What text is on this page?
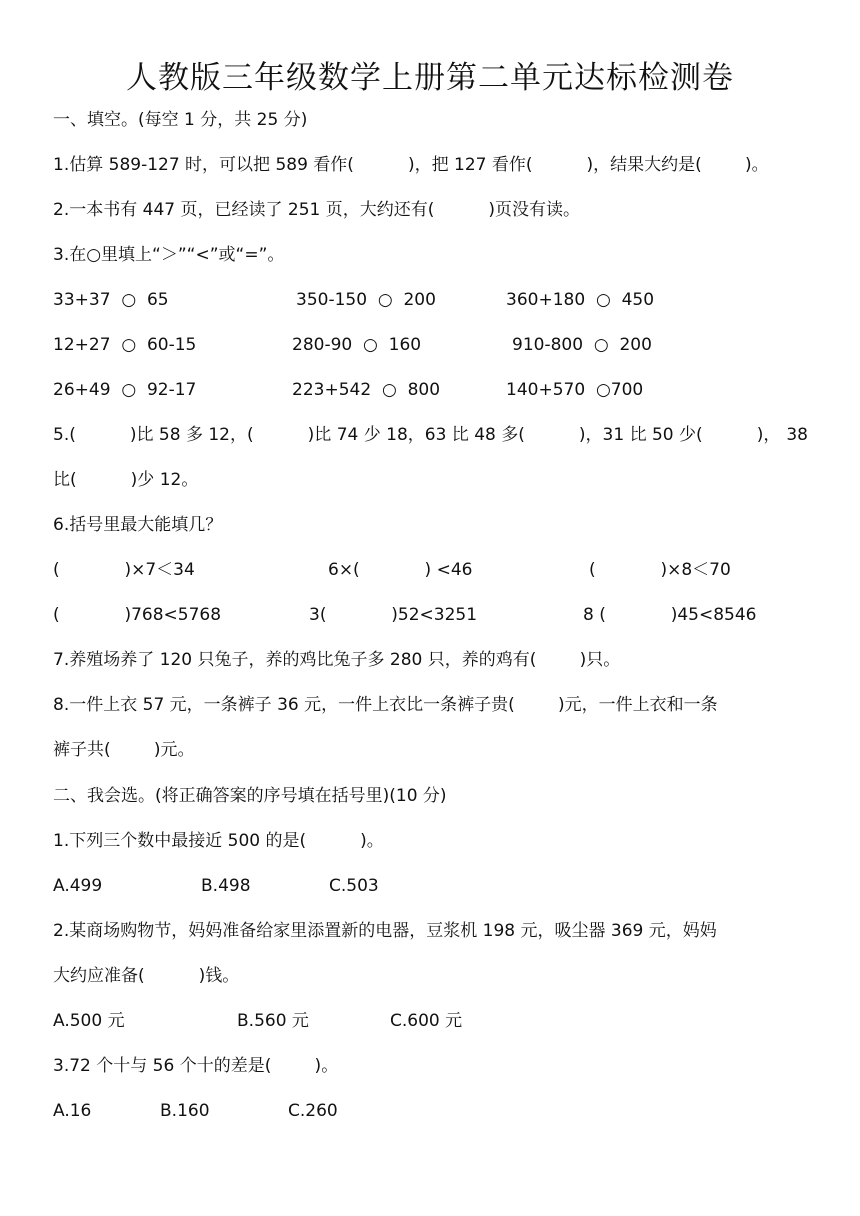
人教版三年级数学上册第二单元达标检测卷
一、填空。(每空 1 分，共 25 分)
1.估算 589-127 时，可以把 589 看作(          )，把 127 看作(          )，结果大约是(        )。
2.一本书有 447 页，已经读了 251 页，大约还有(          )页没有读。
3.在○里填上“＞”“<”或“=”。
33+37  ○  65	350-150  ○  200	360+180  ○  450
12+27  ○  60-15	280-90  ○  160	910-800  ○  200
26+49  ○  92-17	223+542  ○  800	140+570  ○700
5.(          )比 58 多 12，(          )比 74 少 18，63 比 48 多(          )，31 比 50 少(          )， 38
比(          )少 12。
6.括号里最大能填几？
(            )×7＜34	6×(            ) <46	(            )×8＜70
(            )768<5768	3(            )52<3251	8 (            )45<8546
7.养殖场养了 120 只兔子，养的鸡比兔子多 280 只，养的鸡有(        )只。
8.一件上衣 57 元，一条裤子 36 元，一件上衣比一条裤子贵(        )元，一件上衣和一条
裤子共(        )元。
二、我会选。(将正确答案的序号填在括号里)(10 分)
1.下列三个数中最接近 500 的是(          )。
A.499	B.498	C.503
2.某商场购物节，妈妈准备给家里添置新的电器，豆浆机 198 元，吸尘器 369 元，妈妈
大约应准备(          )钱。
A.500 元	B.560 元	C.600 元
3.72 个十与 56 个十的差是(        )。
A.16	B.160	C.260
